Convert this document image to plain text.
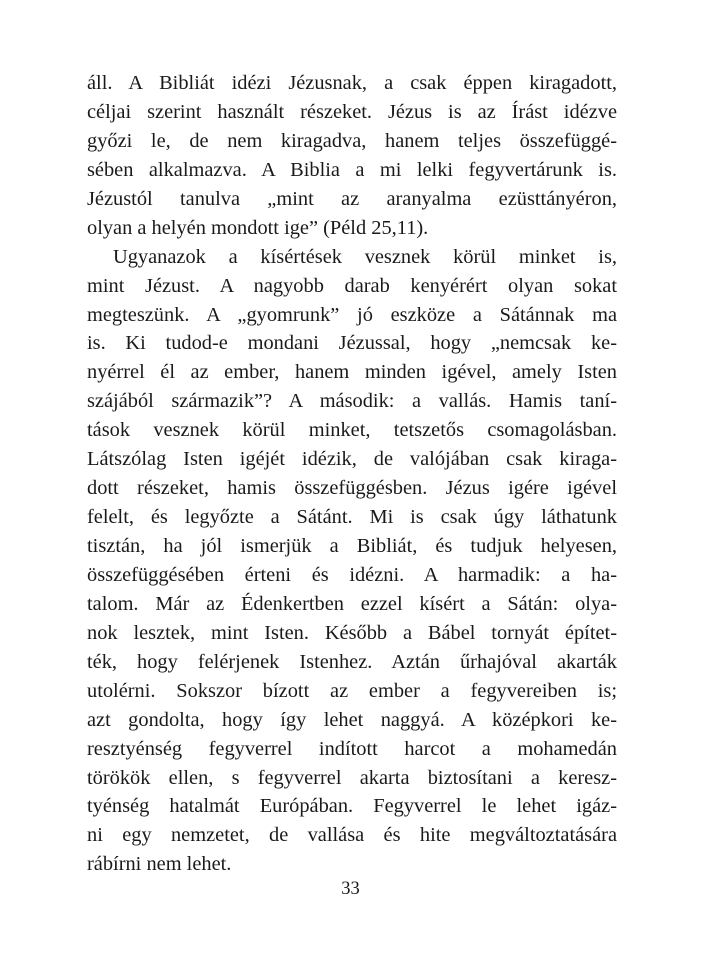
áll. A Bibliát idézi Jézusnak, a csak éppen kiragadott,
céljai szerint használt részeket. Jézus is az Írást idézve
győzi le, de nem kiragadva, hanem teljes összefüggé-
sében alkalmazva. A Biblia a mi lelki fegyvertárunk is.
Jézustól tanulva „mint az aranyalma ezüsttányéron,
olyan a helyén mondott ige” (Péld 25,11).
Ugyanazok a kísértések vesznek körül minket is,
mint Jézust. A nagyobb darab kenyérért olyan sokat
megteszünk. A „gyomrunk” jó eszköze a Sátánnak ma
is. Ki tudod-e mondani Jézussal, hogy „nemcsak ke-
nyérrel él az ember, hanem minden igével, amely Isten
szájából származik”? A második: a vallás. Hamis taní-
tások vesznek körül minket, tetszetős csomagolásban.
Látszólag Isten igéjét idézik, de valójában csak kiraga-
dott részeket, hamis összefüggésben. Jézus igére igével
felelt, és legyőzte a Sátánt. Mi is csak úgy láthatunk
tisztán, ha jól ismerjük a Bibliát, és tudjuk helyesen,
összefüggésében érteni és idézni. A harmadik: a ha-
talom. Már az Édenkertben ezzel kísért a Sátán: olya-
nok lesztek, mint Isten. Később a Bábel tornyát építet-
ték, hogy felérjenek Istenhez. Aztán űrhajóval akarták
utolérni. Sokszor bízott az ember a fegyvereiben is;
azt gondolta, hogy így lehet naggyá. A középkori ke-
resztyénség fegyverrel indított harcot a mohamedán
törökök ellen, s fegyverrel akarta biztosítani a keresz-
tyénség hatalmát Európában. Fegyverrel le lehet igáz-
ni egy nemzetet, de vallása és hite megváltoztatására
rábírni nem lehet.
33
